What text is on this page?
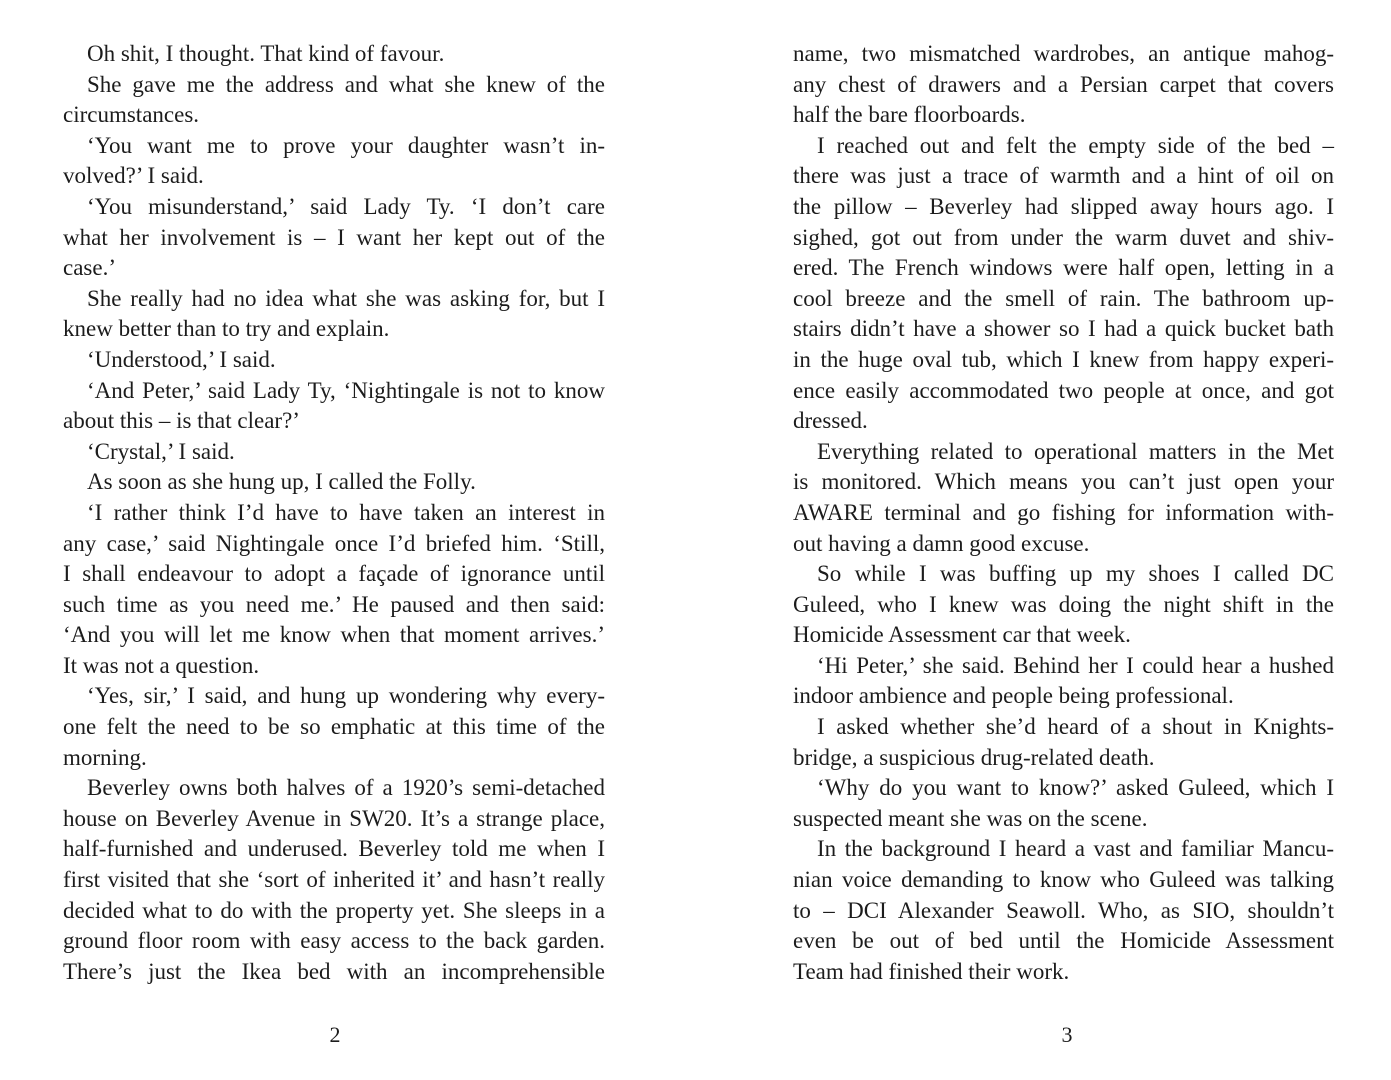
Oh shit, I thought. That kind of favour.
She gave me the address and what she knew of the
circumstances.
‘You want me to prove your daughter wasn’t in-
volved?’ I said.
‘You misunderstand,’ said Lady Ty. ‘I don’t care
what her involvement is – I want her kept out of the
case.’
She really had no idea what she was asking for, but I
knew better than to try and explain.
‘Understood,’ I said.
‘And Peter,’ said Lady Ty, ‘Nightingale is not to know
about this – is that clear?’
‘Crystal,’ I said.
As soon as she hung up, I called the Folly.
‘I rather think I’d have to have taken an interest in
any case,’ said Nightingale once I’d briefed him. ‘Still,
I shall endeavour to adopt a façade of ignorance until
such time as you need me.’ He paused and then said:
‘And you will let me know when that moment arrives.’
It was not a question.
‘Yes, sir,’ I said, and hung up wondering why every-
one felt the need to be so emphatic at this time of the
morning.
Beverley owns both halves of a 1920’s semi-detached
house on Beverley Avenue in SW20. It’s a strange place,
half-furnished and underused. Beverley told me when I
first visited that she ‘sort of inherited it’ and hasn’t really
decided what to do with the property yet. She sleeps in a
ground floor room with easy access to the back garden.
There’s just the Ikea bed with an incomprehensible
2
name, two mismatched wardrobes, an antique mahog-
any chest of drawers and a Persian carpet that covers
half the bare floorboards.
I reached out and felt the empty side of the bed –
there was just a trace of warmth and a hint of oil on
the pillow – Beverley had slipped away hours ago. I
sighed, got out from under the warm duvet and shiv-
ered. The French windows were half open, letting in a
cool breeze and the smell of rain. The bathroom up-
stairs didn’t have a shower so I had a quick bucket bath
in the huge oval tub, which I knew from happy experi-
ence easily accommodated two people at once, and got
dressed.
Everything related to operational matters in the Met
is monitored. Which means you can’t just open your
AWARE terminal and go fishing for information with-
out having a damn good excuse.
So while I was buffing up my shoes I called DC
Guleed, who I knew was doing the night shift in the
Homicide Assessment car that week.
‘Hi Peter,’ she said. Behind her I could hear a hushed
indoor ambience and people being professional.
I asked whether she’d heard of a shout in Knights-
bridge, a suspicious drug-related death.
‘Why do you want to know?’ asked Guleed, which I
suspected meant she was on the scene.
In the background I heard a vast and familiar Mancu-
nian voice demanding to know who Guleed was talking
to – DCI Alexander Seawoll. Who, as SIO, shouldn’t
even be out of bed until the Homicide Assessment
Team had finished their work.
3
